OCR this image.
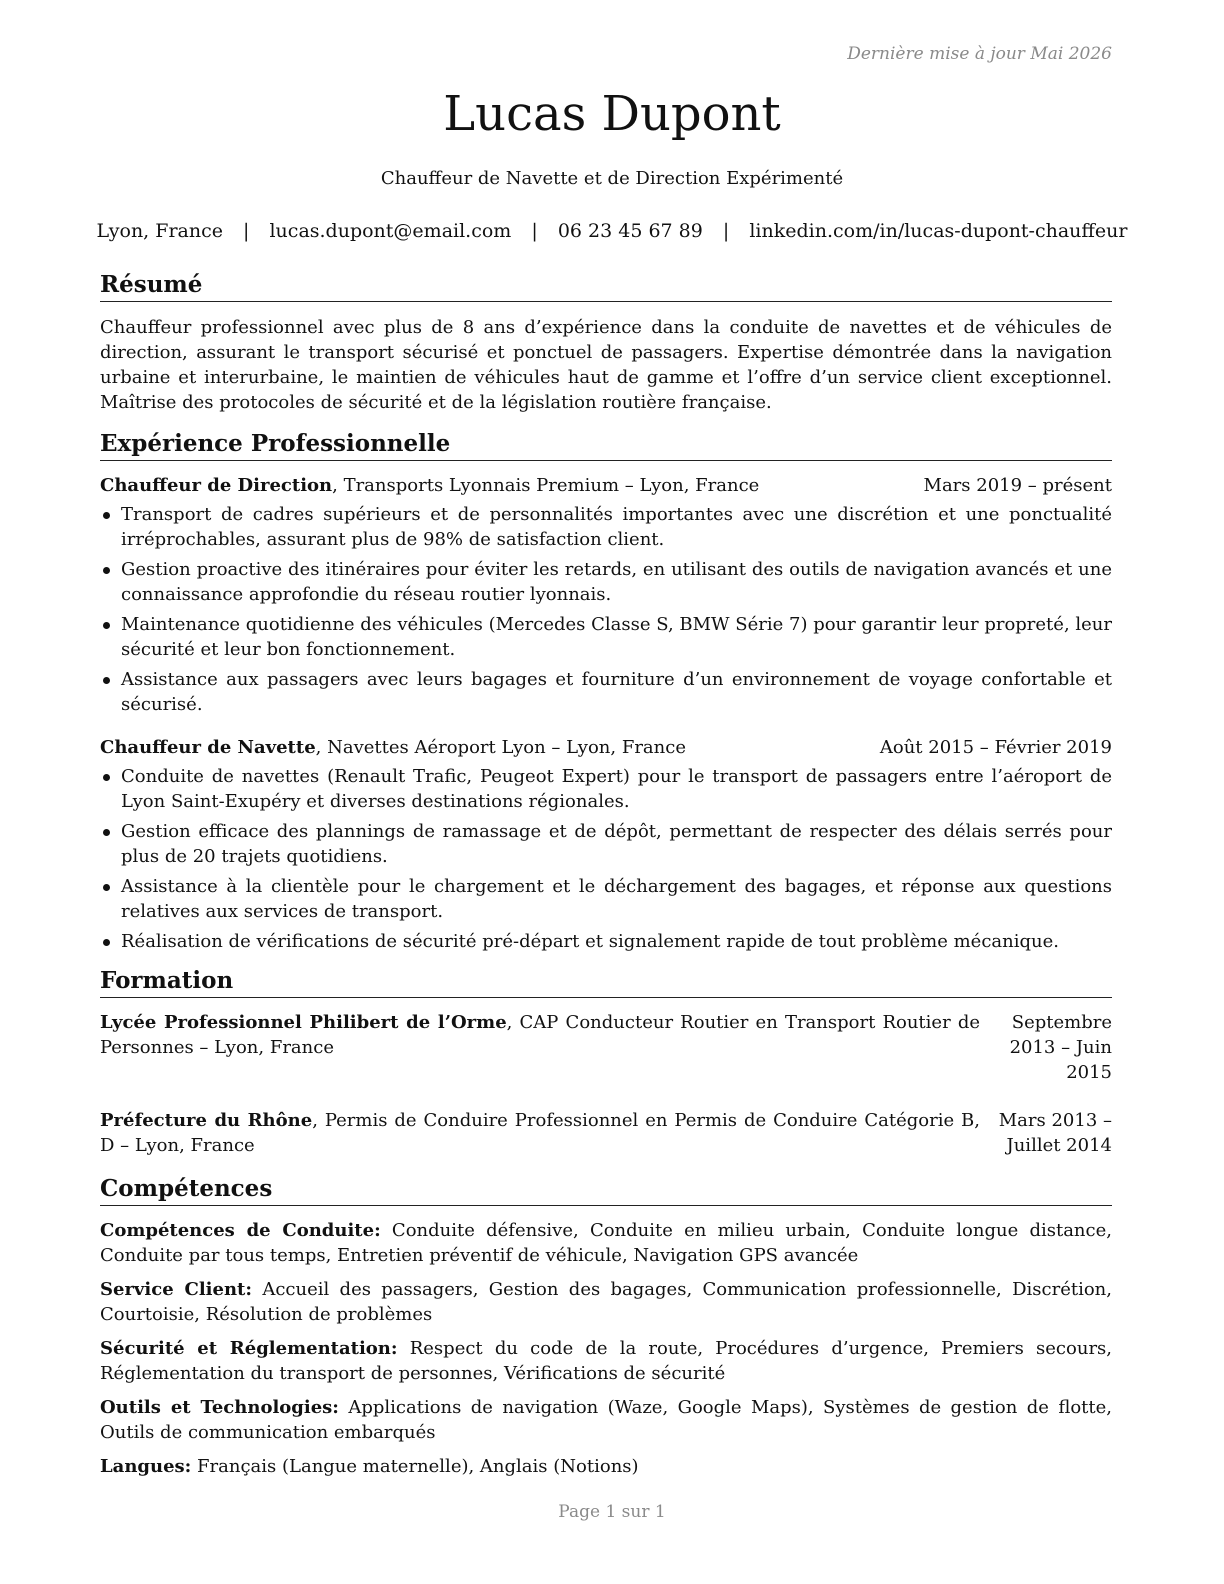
Dernière mise à jour Mai 2026
Lucas Dupont
Chauffeur de Navette et de Direction Expérimenté
Lyon, France | lucas.dupont@email.com | 06 23 45 67 89 | linkedin.com/in/lucas-dupont-chauffeur
Résumé

Chauffeur professionnel avec plus de 8 ans d’expérience dans la conduite de navettes et de véhicules de direction, assurant le transport sécurisé et ponctuel de passagers. Expertise démontrée dans la navigation urbaine et interurbaine, le maintien de véhicules haut de gamme et l’offre d’un service client exceptionnel. Maîtrise des protocoles de sécurité et de la législation routière française.

Expérience Professionnelle
Chauffeur de Direction, Transports Lyonnais Premium – Lyon, France	Mars 2019 – présent
Transport de cadres supérieurs et de personnalités importantes avec une discrétion et une ponctualité irréprochables, assurant plus de 98% de satisfaction client.
Gestion proactive des itinéraires pour éviter les retards, en utilisant des outils de navigation avancés et une connaissance approfondie du réseau routier lyonnais.
Maintenance quotidienne des véhicules (Mercedes Classe S, BMW Série 7) pour garantir leur propreté, leur sécurité et leur bon fonctionnement.
Assistance aux passagers avec leurs bagages et fourniture d’un environnement de voyage confortable et sécurisé.
Chauffeur de Navette, Navettes Aéroport Lyon – Lyon, France	Août 2015 – Février 2019
Conduite de navettes (Renault Trafic, Peugeot Expert) pour le transport de passagers entre l’aéroport de Lyon Saint-Exupéry et diverses destinations régionales.
Gestion efficace des plannings de ramassage et de dépôt, permettant de respecter des délais serrés pour plus de 20 trajets quotidiens.
Assistance à la clientèle pour le chargement et le déchargement des bagages, et réponse aux questions relatives aux services de transport.
Réalisation de vérifications de sécurité pré-départ et signalement rapide de tout problème mécanique.
Formation
Lycée Professionnel Philibert de l’Orme, CAP Conducteur Routier en Transport Routier de Personnes – Lyon, France
Septembre 2013 – Juin 2015
Préfecture du Rhône, Permis de Conduire Professionnel en Permis de Conduire Catégorie B, D – Lyon, France
Mars 2013 – Juillet 2014
Compétences
Compétences de Conduite: Conduite défensive, Conduite en milieu urbain, Conduite longue distance, Conduite par tous temps, Entretien préventif de véhicule, Navigation GPS avancée
Service Client: Accueil des passagers, Gestion des bagages, Communication professionnelle, Discrétion, Courtoisie, Résolution de problèmes
Sécurité et Réglementation: Respect du code de la route, Procédures d’urgence, Premiers secours, Réglementation du transport de personnes, Vérifications de sécurité
Outils et Technologies: Applications de navigation (Waze, Google Maps), Systèmes de gestion de flotte, Outils de communication embarqués
Langues: Français (Langue maternelle), Anglais (Notions)
Page 1 sur 1
